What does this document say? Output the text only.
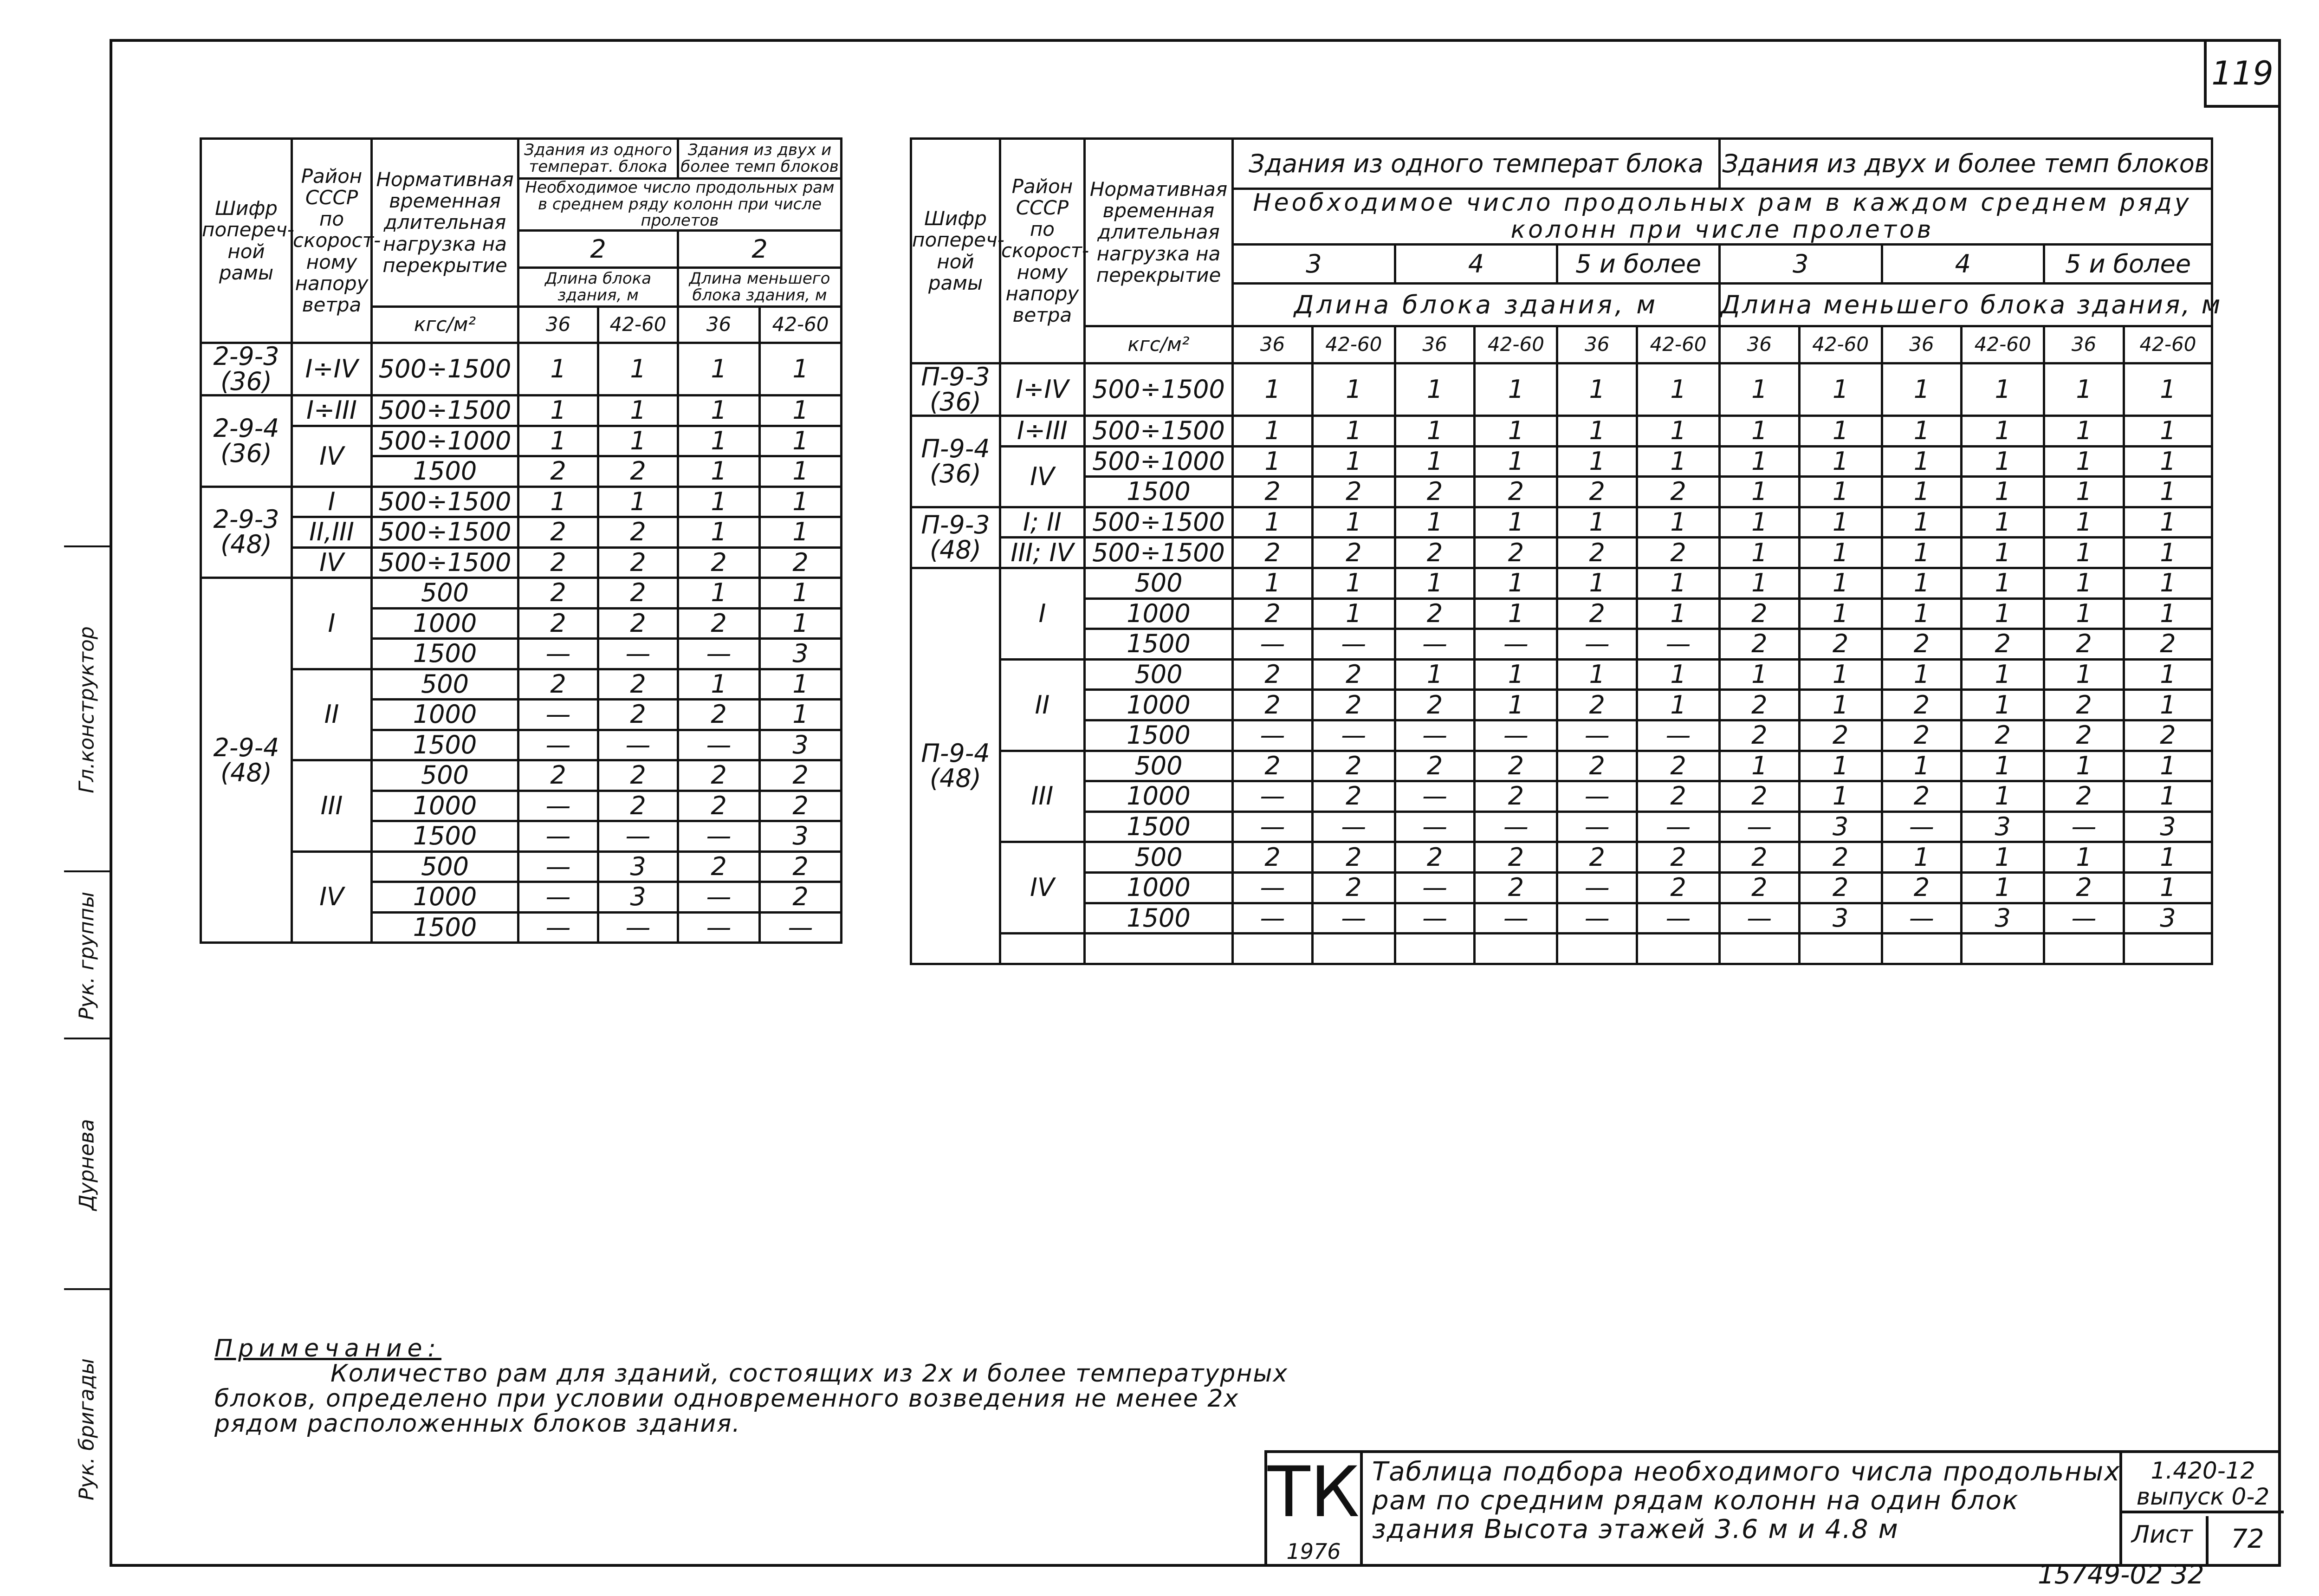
119
Рук. бригады
Дурнева
Рук. группы
Гл.конструктор
Шифр попереч-ной рамы	Район СССР по скорост-ному напору ветра	Нормативная временная длительная нагрузка на перекрытие	Здания из одного температ. блока		Здания из двух и более темп блоков	
			Необходимое число продольных рам в среднем ряду колонн при числе пролетов			
			2		2	
			Длина блока здания, м		Длина меньшего блока здания, м	
		кгс/м²	36	42-60	36	42-60
2-9-3 (36)	I÷IV	500÷1500	1	1	1	1
2-9-4 (36)	I÷III	500÷1500	1	1	1	1
	IV	500÷1000	1	1	1	1
		1500	2	2	1	1
2-9-3 (48)	I	500÷1500	1	1	1	1
	II,III	500÷1500	2	2	1	1
	IV	500÷1500	2	2	2	2
2-9-4 (48)	I	500	2	2	1	1
		1000	2	2	2	1
		1500	—	—	—	3
	II	500	2	2	1	1
		1000	—	2	2	1
		1500	—	—	—	3
	III	500	2	2	2	2
		1000	—	2	2	2
		1500	—	—	—	3
	IV	500	—	3	2	2
		1000	—	3	—	2
		1500	—	—	—	—
Шифр попереч-ной рамы	Район СССР по скорост-ному напору ветра	Нормативная временная длительная нагрузка на перекрытие	Здания из одного температ блока						Здания из двух и более темп блоков					
			Необходимое число продольных рам в каждом среднем ряду колонн при числе пролетов											
			3		4		5 и более		3		4		5 и более	
			Длина блока здания, м						Длина меньшего блока здания, м					
		кгс/м²	36	42-60	36	42-60	36	42-60	36	42-60	36	42-60	36	42-60
П-9-3 (36)	I÷IV	500÷1500	1	1	1	1	1	1	1	1	1	1	1	1
П-9-4 (36)	I÷III	500÷1500	1	1	1	1	1	1	1	1	1	1	1	1
	IV	500÷1000	1	1	1	1	1	1	1	1	1	1	1	1
		1500	2	2	2	2	2	2	1	1	1	1	1	1
П-9-3 (48)	I; II	500÷1500	1	1	1	1	1	1	1	1	1	1	1	1
	III; IV	500÷1500	2	2	2	2	2	2	1	1	1	1	1	1
П-9-4 (48)	I	500	1	1	1	1	1	1	1	1	1	1	1	1
		1000	2	1	2	1	2	1	2	1	1	1	1	1
		1500	—	—	—	—	—	—	2	2	2	2	2	2
	II	500	2	2	1	1	1	1	1	1	1	1	1	1
		1000	2	2	2	1	2	1	2	1	2	1	2	1
		1500	—	—	—	—	—	—	2	2	2	2	2	2
	III	500	2	2	2	2	2	2	1	1	1	1	1	1
		1000	—	2	—	2	—	2	2	1	2	1	2	1
		1500	—	—	—	—	—	—	—	3	—	3	—	3
	IV	500	2	2	2	2	2	2	2	2	1	1	1	1
		1000	—	2	—	2	—	2	2	2	2	1	2	1
		1500	—	—	—	—	—	—	—	3	—	3	—	3

Примечание:
Количество рам для зданий, состоящих из 2х и более температурных блоков, определено при условии одновременного возведения не менее 2х рядом расположенных блоков здания.
ТК
1976
Таблица подбора необходимого числа продольных рам по средним рядам колонн на один блок здания Высота этажей 3.6 м и 4.8 м
1.420-12
выпуск 0-2
Лист	72
15749-02 32
